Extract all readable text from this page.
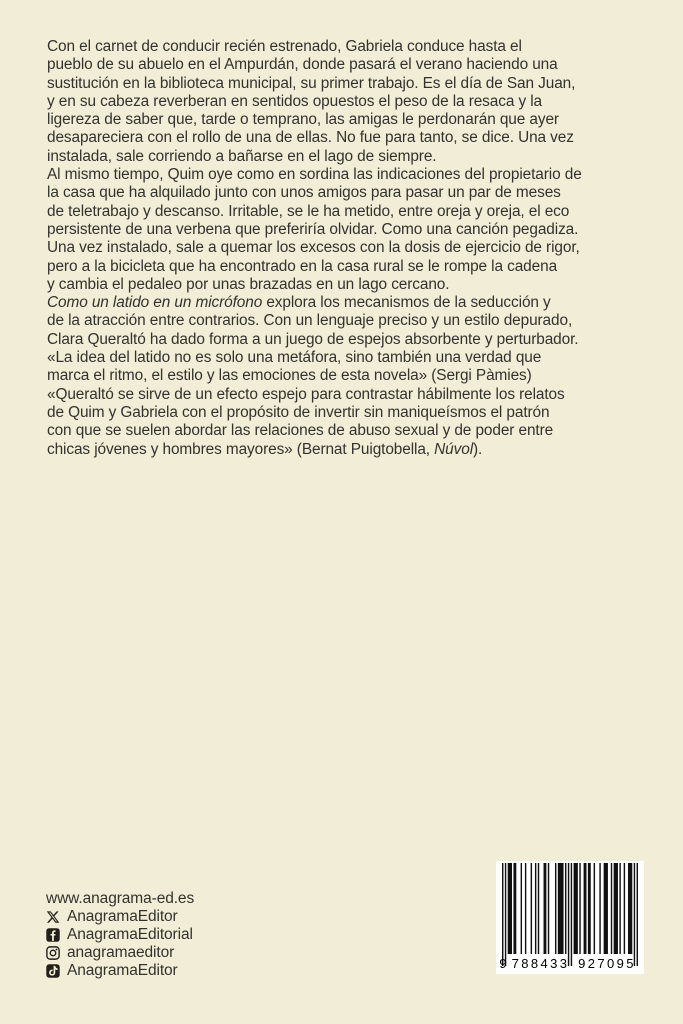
Con el carnet de conducir recién estrenado, Gabriela conduce hasta el
pueblo de su abuelo en el Ampurdán, donde pasará el verano haciendo una
sustitución en la biblioteca municipal, su primer trabajo. Es el día de San Juan,
y en su cabeza reverberan en sentidos opuestos el peso de la resaca y la
ligereza de saber que, tarde o temprano, las amigas le perdonarán que ayer
desapareciera con el rollo de una de ellas. No fue para tanto, se dice. Una vez
instalada, sale corriendo a bañarse en el lago de siempre.
Al mismo tiempo, Quim oye como en sordina las indicaciones del propietario de
la casa que ha alquilado junto con unos amigos para pasar un par de meses
de teletrabajo y descanso. Irritable, se le ha metido, entre oreja y oreja, el eco
persistente de una verbena que preferiría olvidar. Como una canción pegadiza.
Una vez instalado, sale a quemar los excesos con la dosis de ejercicio de rigor,
pero a la bicicleta que ha encontrado en la casa rural se le rompe la cadena
y cambia el pedaleo por unas brazadas en un lago cercano.
Como un latido en un micrófono explora los mecanismos de la seducción y
de la atracción entre contrarios. Con un lenguaje preciso y un estilo depurado,
Clara Queraltó ha dado forma a un juego de espejos absorbente y perturbador.
«La idea del latido no es solo una metáfora, sino también una verdad que
marca el ritmo, el estilo y las emociones de esta novela» (Sergi Pàmies)
«Queraltó se sirve de un efecto espejo para contrastar hábilmente los relatos
de Quim y Gabriela con el propósito de invertir sin maniqueísmos el patrón
con que se suelen abordar las relaciones de abuso sexual y de poder entre
chicas jóvenes y hombres mayores» (Bernat Puigtobella, Núvol).
www.anagrama-ed.es
AnagramaEditor
AnagramaEditorial
anagramaeditor
AnagramaEditor	9 788433 927095
